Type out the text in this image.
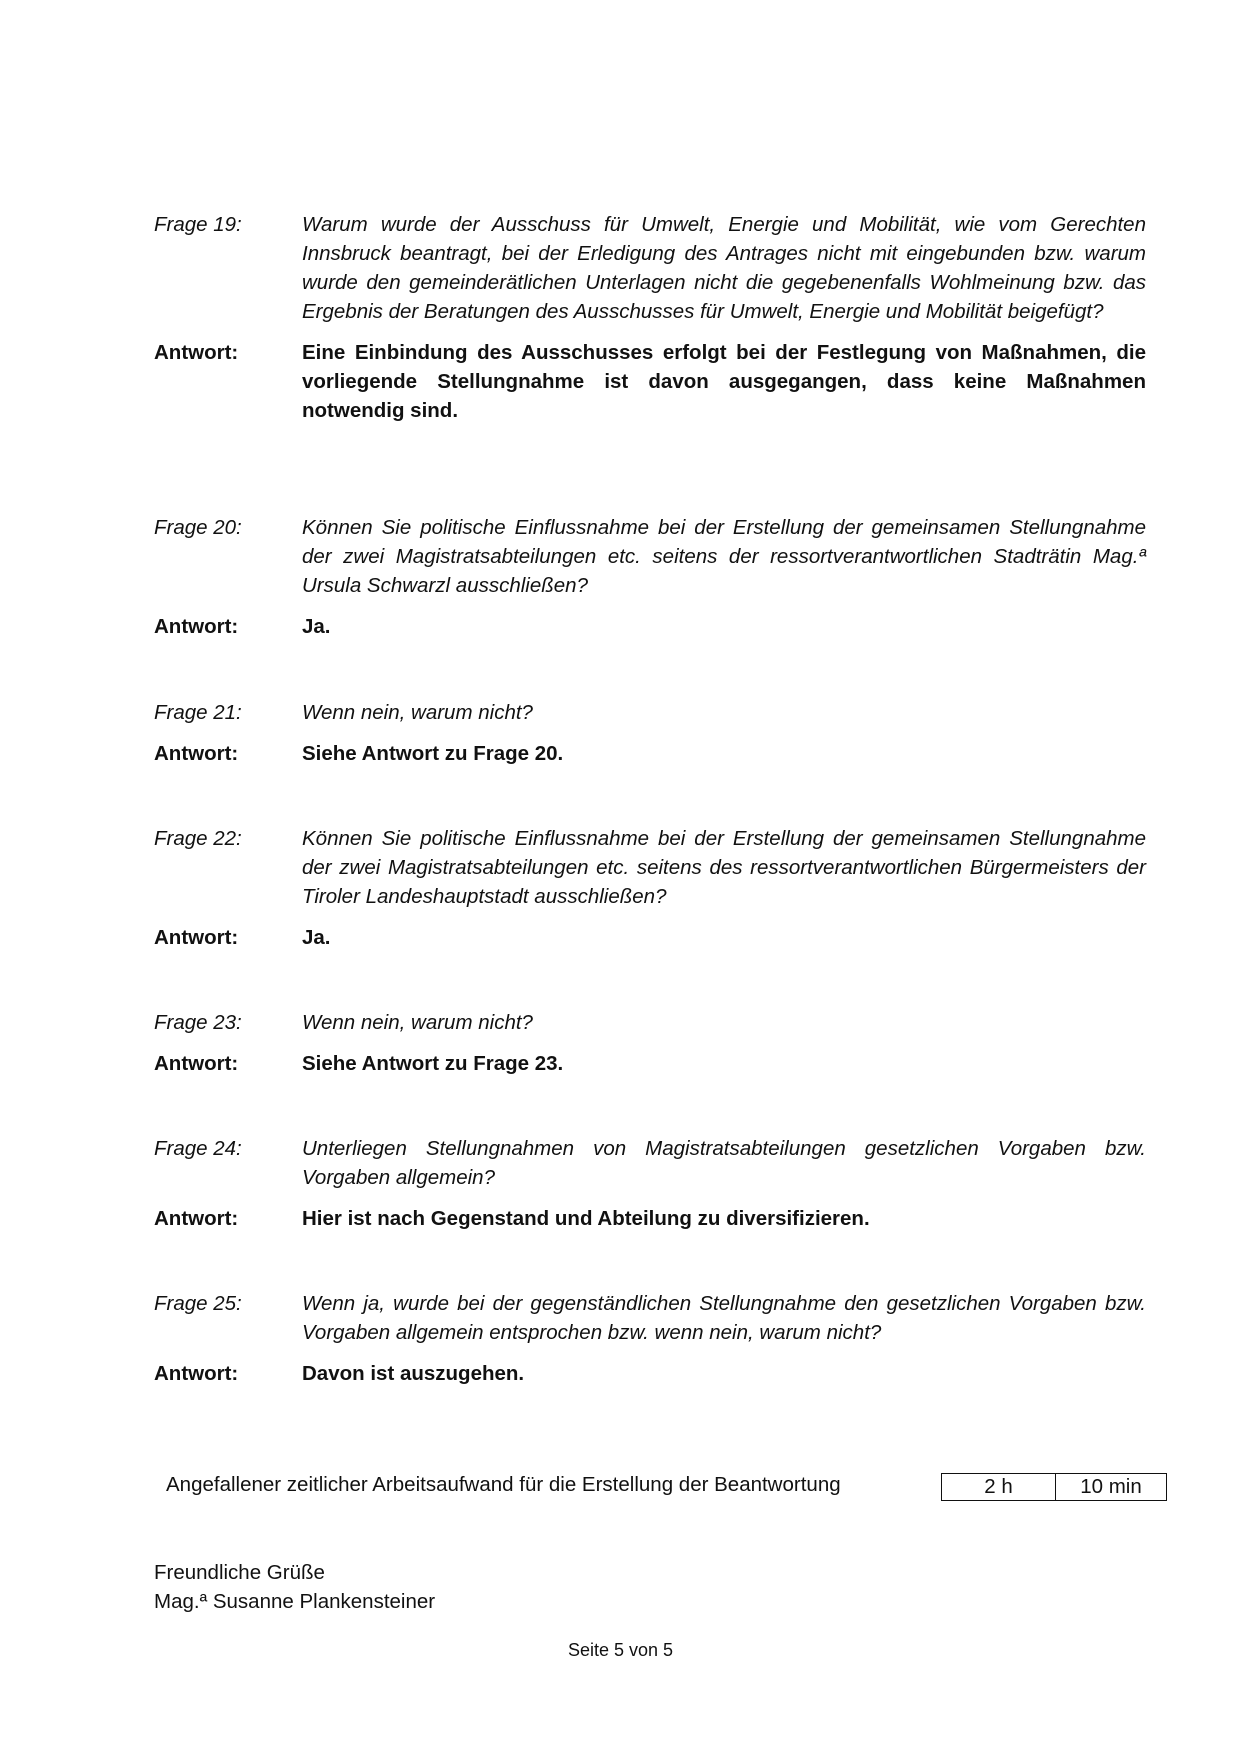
Frage 19:	Warum wurde der Ausschuss für Umwelt, Energie und Mobilität, wie vom Gerechten Innsbruck beantragt, bei der Erledigung des Antrages nicht mit eingebunden bzw. warum wurde den gemeinderätlichen Unterlagen nicht die gegebenenfalls Wohlmeinung bzw. das Ergebnis der Beratungen des Ausschusses für Umwelt, Energie und Mobilität beigefügt?
Antwort:	Eine Einbindung des Ausschusses erfolgt bei der Festlegung von Maßnahmen, die vorliegende Stellungnahme ist davon ausgegangen, dass keine Maßnahmen notwendig sind.
Frage 20:	Können Sie politische Einflussnahme bei der Erstellung der gemeinsamen Stellungnahme der zwei Magistratsabteilungen etc. seitens der ressortverantwortlichen Stadträtin Mag.ª Ursula Schwarzl ausschließen?
Antwort:	Ja.
Frage 21:	Wenn nein, warum nicht?
Antwort:	Siehe Antwort zu Frage 20.
Frage 22:	Können Sie politische Einflussnahme bei der Erstellung der gemeinsamen Stellungnahme der zwei Magistratsabteilungen etc. seitens des ressortverantwortlichen Bürgermeisters der Tiroler Landeshauptstadt ausschließen?
Antwort:	Ja.
Frage 23:	Wenn nein, warum nicht?
Antwort:	Siehe Antwort zu Frage 23.
Frage 24:	Unterliegen Stellungnahmen von Magistratsabteilungen gesetzlichen Vorgaben bzw. Vorgaben allgemein?
Antwort:	Hier ist nach Gegenstand und Abteilung zu diversifizieren.
Frage 25:	Wenn ja, wurde bei der gegenständlichen Stellungnahme den gesetzlichen Vorgaben bzw. Vorgaben allgemein entsprochen bzw. wenn nein, warum nicht?
Antwort:	Davon ist auszugehen.
Angefallener zeitlicher Arbeitsaufwand für die Erstellung der Beantwortung	2 h	10 min
Freundliche Grüße
Mag.ª Susanne Plankensteiner
Seite 5 von 5
